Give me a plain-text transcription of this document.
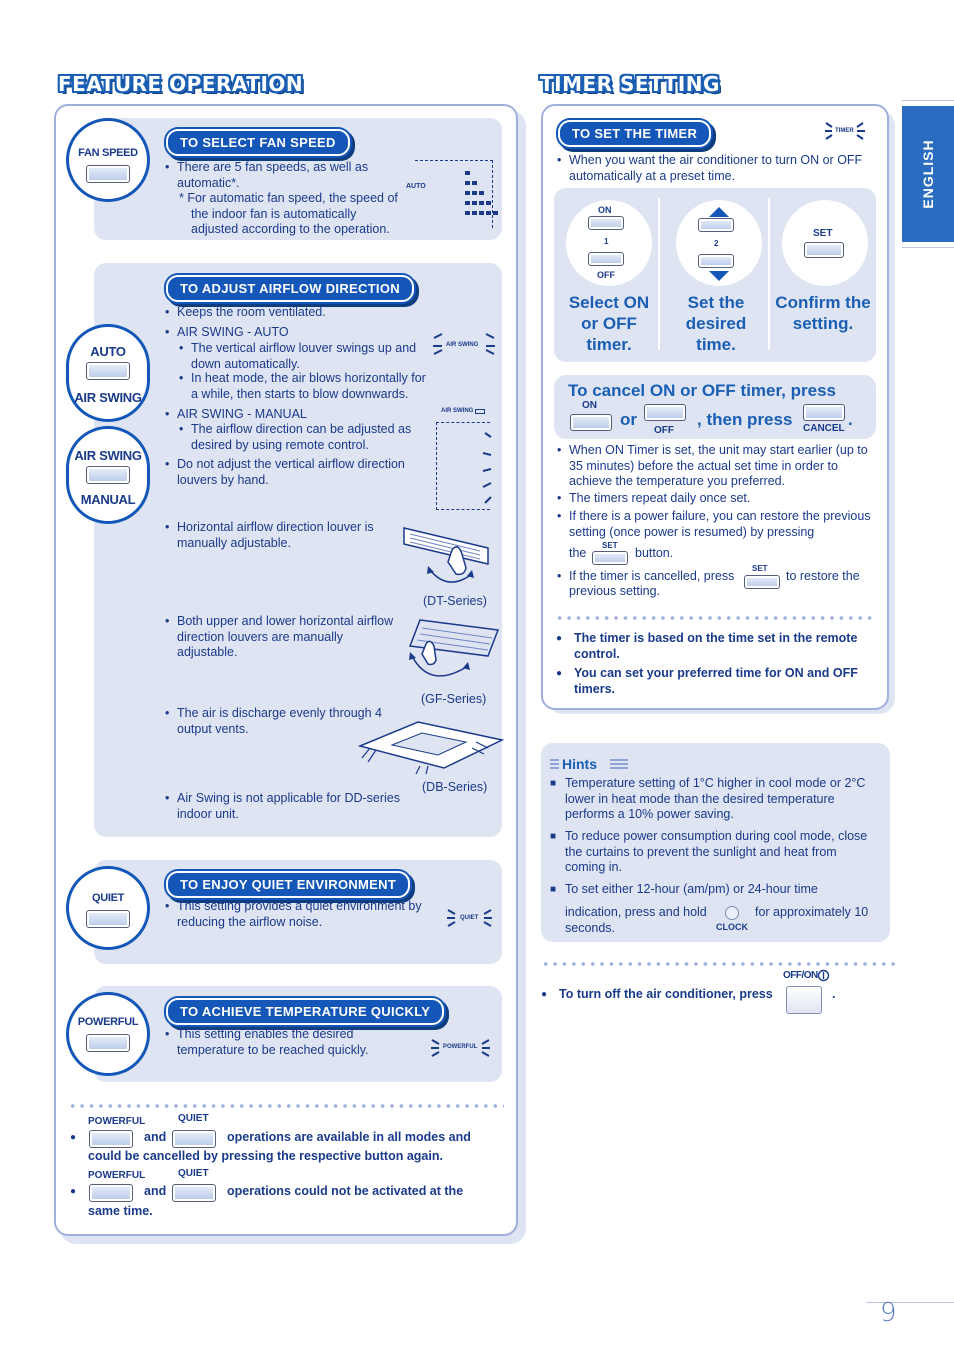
FEATURE OPERATION
FAN SPEED
TO SELECT FAN SPEED
• There are 5 fan speeds, as well as automatic*.
* For automatic fan speed, the speed of the indoor fan is automatically adjusted according to the operation.
AUTO
TO ADJUST AIRFLOW DIRECTION
AUTO
AIR SWING
AIR SWING
MANUAL
• Keeps the room ventilated.
• AIR SWING - AUTO
• The vertical airflow louver swings up and down automatically.
• In heat mode, the air blows horizontally for a while, then starts to blow downwards.
• AIR SWING - MANUAL
• The airflow direction can be adjusted as desired by using remote control.
• Do not adjust the vertical airflow direction louvers by hand.
AIR SWING
AIR SWING
• Horizontal airflow direction louver is manually adjustable.
(DT-Series)
• Both upper and lower horizontal airflow direction louvers are manually adjustable.
(GF-Series)
• The air is discharge evenly through 4 output vents.
(DB-Series)
• Air Swing is not applicable for DD-series indoor unit.
QUIET
TO ENJOY QUIET ENVIRONMENT
• This setting provides a quiet environment by reducing the airflow noise.	QUIET
POWERFUL
TO ACHIEVE TEMPERATURE QUICKLY
• This setting enables the desired temperature to be reached quickly.	POWERFUL
POWERFUL	QUIET
and	operations are available in all modes and
could be cancelled by pressing the respective button again.
POWERFUL	QUIET
and	operations could not be activated at the
same time.
TIMER SETTING
TO SET THE TIMER	TIMER
• When you want the air conditioner to turn ON or OFF automatically at a preset time.
ON
1
OFF
2
SET
Select ON or OFF timer.
Set the desired time.
Confirm the setting.
To cancel ON or OFF timer, press
ON
or
OFF
, then press CANCEL .
• When ON Timer is set, the unit may start earlier (up to 35 minutes) before the actual set time in order to achieve the temperature you preferred.
• The timers repeat daily once set.
• If there is a power failure, you can restore the previous setting (once power is resumed) by pressing
the
SET
button.
• If the timer is cancelled, press
SET
to restore the
previous setting.
● The timer is based on the time set in the remote control.
● You can set your preferred time for ON and OFF timers.
Hints
■ Temperature setting of 1°C higher in cool mode or 2°C lower in heat mode than the desired temperature performs a 10% power saving.
■ To reduce power consumption during cool mode, close the curtains to prevent the sunlight and heat from coming in.
■ To set either 12-hour (am/pm) or 24-hour time
indication, press and hold
CLOCK
for approximately 10
seconds.
OFF/ON
● To turn off the air conditioner, press	.
ENGLISH
9
